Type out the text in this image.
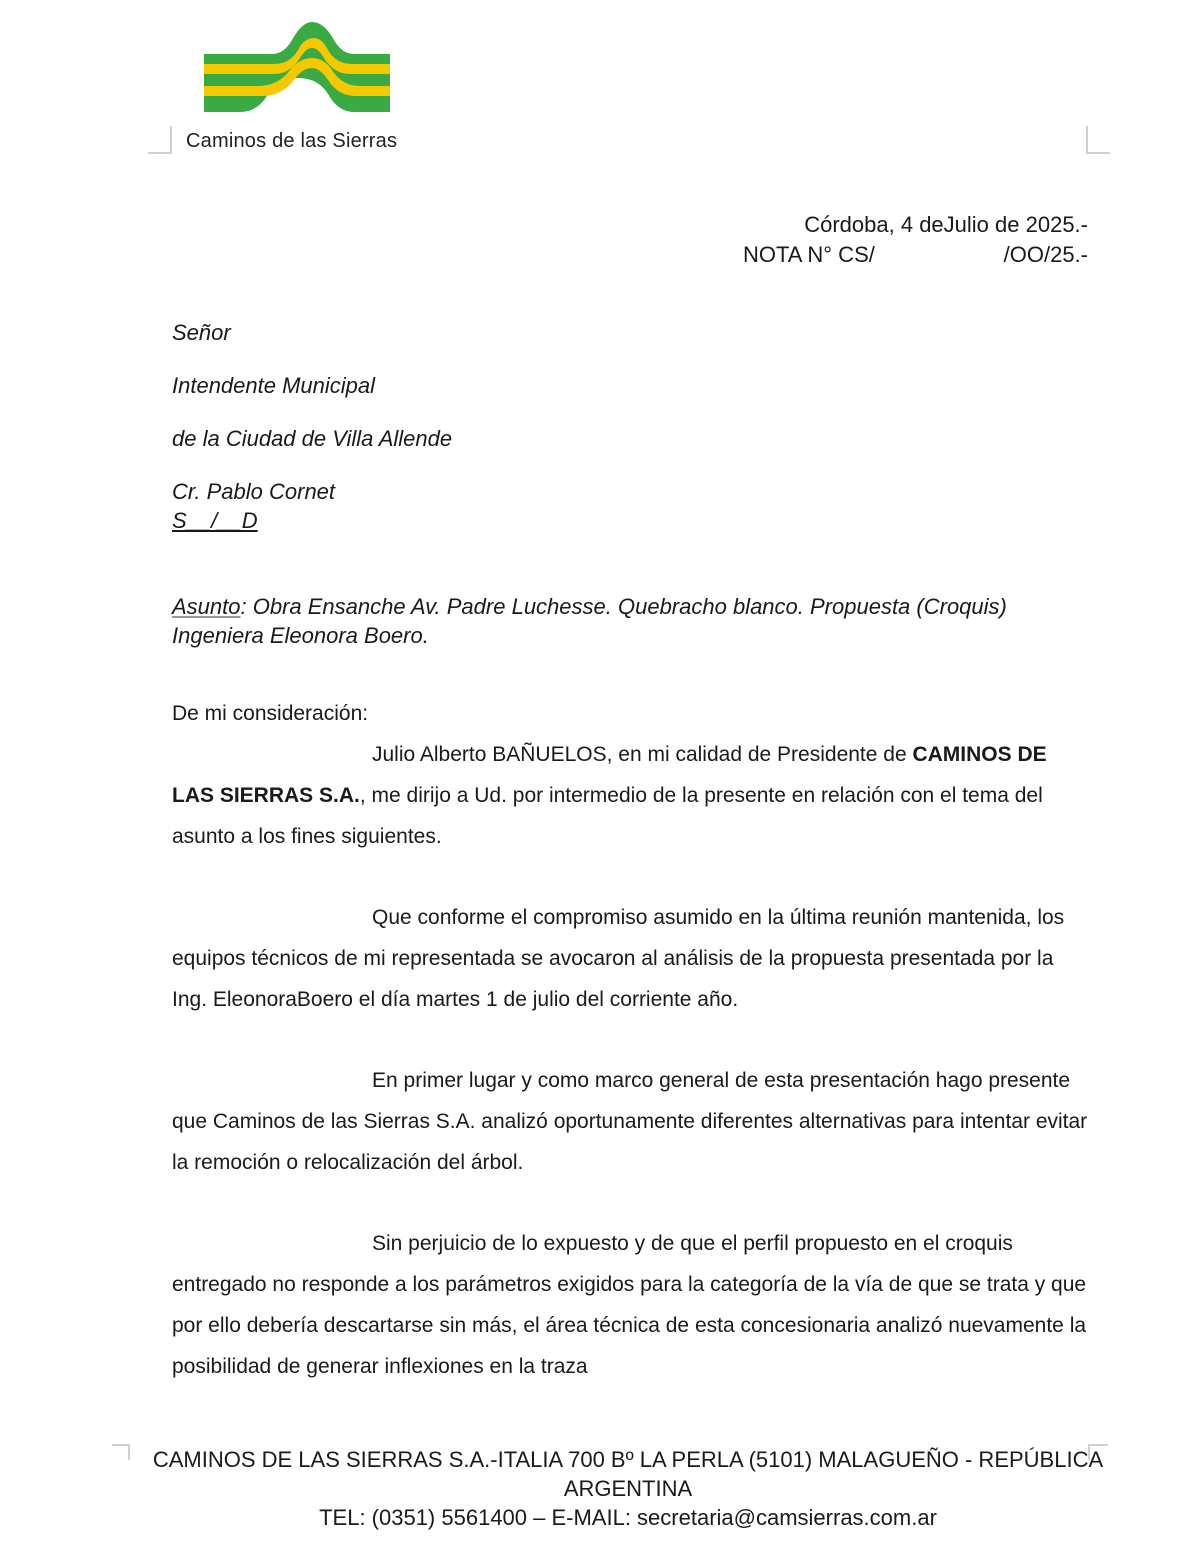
Caminos de las Sierras
Córdoba, 4 deJulio de 2025.-
NOTA N° CS/	/OO/25.-
Señor
Intendente Municipal
de la Ciudad de Villa Allende
Cr. Pablo Cornet
S__/__D
Asunto: Obra Ensanche Av. Padre Luchesse. Quebracho blanco. Propuesta (Croquis) Ingeniera Eleonora Boero.
De mi consideración:

Julio Alberto BAÑUELOS, en mi calidad de Presidente de CAMINOS DE LAS SIERRAS S.A., me dirijo a Ud. por intermedio de la presente en relación con el tema del asunto a los fines siguientes.

Que conforme el compromiso asumido en la última reunión mantenida, los equipos técnicos de mi representada se avocaron al análisis de la propuesta presentada por la Ing. EleonoraBoero el día martes 1 de julio del corriente año.

En primer lugar y como marco general de esta presentación hago presente que Caminos de las Sierras S.A. analizó oportunamente diferentes alternativas para intentar evitar la remoción o relocalización del árbol.

Sin perjuicio de lo expuesto y de que el perfil propuesto en el croquis entregado no responde a los parámetros exigidos para la categoría de la vía de que se trata y que por ello debería descartarse sin más, el área técnica de esta concesionaria analizó nuevamente la posibilidad de generar inflexiones en la traza

CAMINOS DE LAS SIERRAS S.A.-ITALIA 700 Bº LA PERLA (5101) MALAGUEÑO - REPÚBLICA
ARGENTINA
TEL: (0351) 5561400 – E-MAIL: secretaria@camsierras.com.ar
